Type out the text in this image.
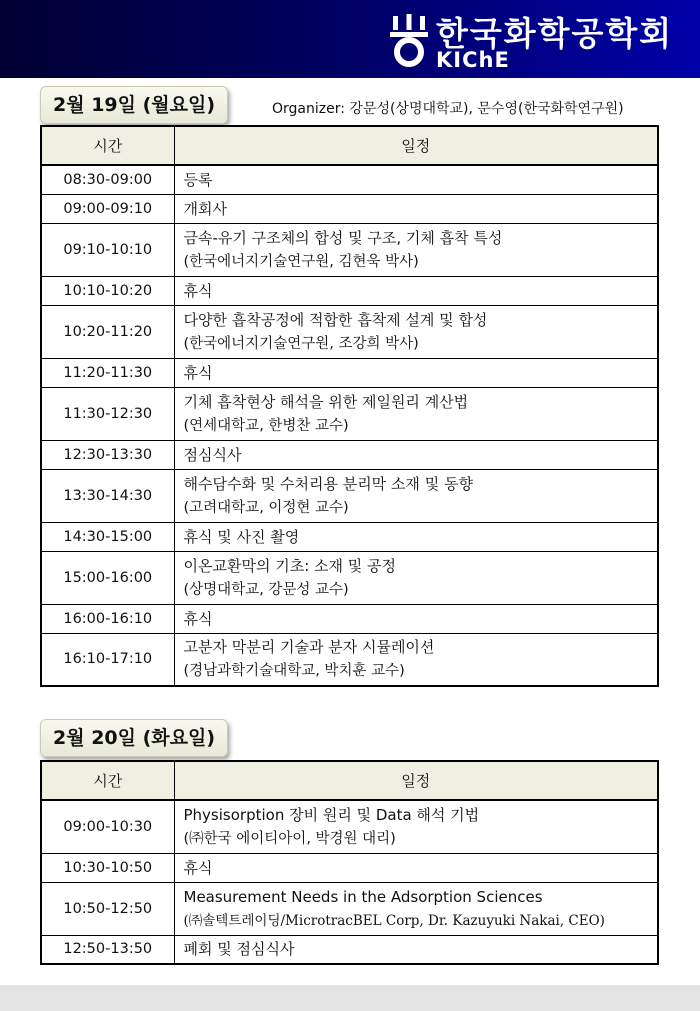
한국화학공학회
KIChE
2월 19일 (월요일)	Organizer: 강문성(상명대학교), 문수영(한국화학연구원)
시간	일정
08:30-09:00	등록

09:00-09:10	개회사

09:10-10:10	금속-유기 구조체의 합성 및 구조, 기체 흡착 특성
(한국에너지기술연구원, 김현욱 박사)

10:10-10:20	휴식

10:20-11:20	다양한 흡착공정에 적합한 흡착제 설계 및 합성
(한국에너지기술연구원, 조강희 박사)

11:20-11:30	휴식

11:30-12:30	기체 흡착현상 해석을 위한 제일원리 계산법
(연세대학교, 한병찬 교수)

12:30-13:30	점심식사

13:30-14:30	해수담수화 및 수처리용 분리막 소재 및 동향
(고려대학교, 이정현 교수)

14:30-15:00	휴식 및 사진 촬영

15:00-16:00	이온교환막의 기초: 소재 및 공정
(상명대학교, 강문성 교수)

16:00-16:10	휴식

16:10-17:10	고분자 막분리 기술과 분자 시뮬레이션
(경남과학기술대학교, 박치훈 교수)
2월 20일 (화요일)
시간	일정
09:00-10:30	Physisorption 장비 원리 및 Data 해석 기법
(㈜한국 에이티아이, 박경원 대리)

10:30-10:50	휴식

10:50-12:50	Measurement Needs in the Adsorption Sciences
(㈜솔텍트레이딩/MicrotracBEL Corp, Dr. Kazuyuki Nakai, CEO)

12:50-13:50	폐회 및 점심식사
